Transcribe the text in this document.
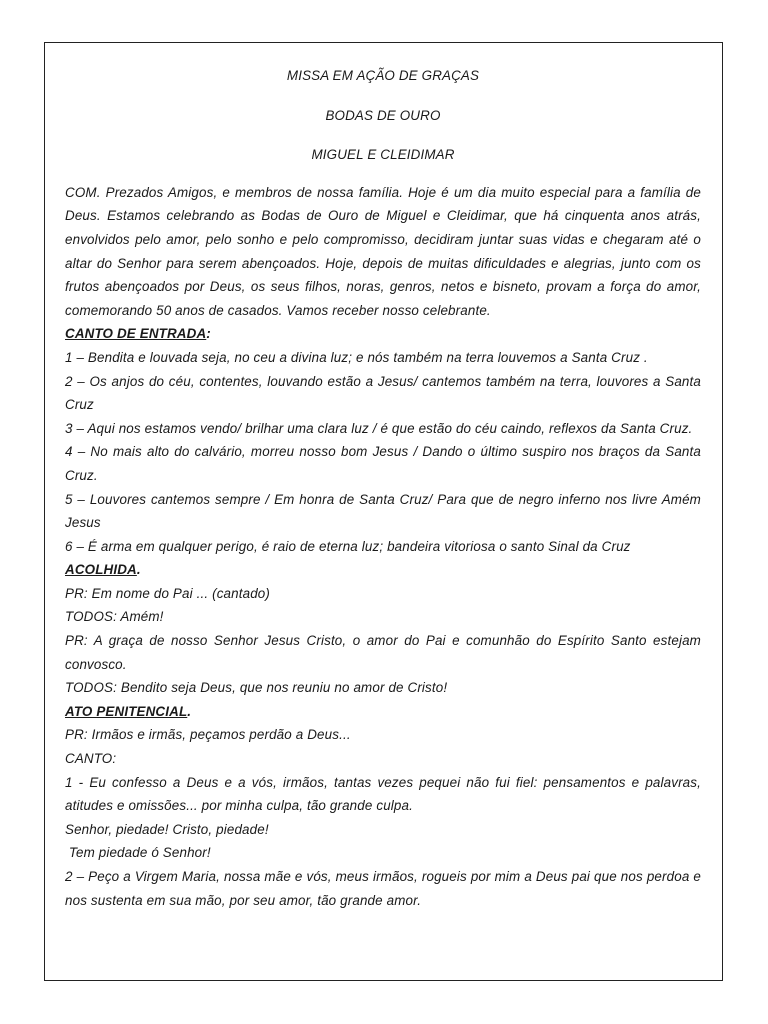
MISSA EM AÇÃO DE GRAÇAS

BODAS DE OURO

MIGUEL E CLEIDIMAR

COM. Prezados Amigos, e membros de nossa família. Hoje é um dia muito especial para a família de Deus. Estamos celebrando as Bodas de Ouro de Miguel e Cleidimar, que há cinquenta anos atrás, envolvidos pelo amor, pelo sonho e pelo compromisso, decidiram juntar suas vidas e chegaram até o altar do Senhor para serem abençoados. Hoje, depois de muitas dificuldades e alegrias, junto com os frutos abençoados por Deus, os seus filhos, noras, genros, netos e bisneto, provam a força do amor, comemorando 50 anos de casados. Vamos receber nosso celebrante.

CANTO DE ENTRADA:

1 – Bendita e louvada seja, no ceu a divina luz; e nós também na terra louvemos a Santa Cruz .

2 – Os anjos do céu, contentes, louvando estão a Jesus/ cantemos também na terra, louvores a Santa Cruz

3 – Aqui nos estamos vendo/ brilhar uma clara luz / é que estão do céu caindo, reflexos da Santa Cruz.

4 – No mais alto do calvário, morreu nosso bom Jesus / Dando o último suspiro nos braços da Santa Cruz.

5 – Louvores cantemos sempre / Em honra de Santa Cruz/ Para que de negro inferno nos livre Amém Jesus

6 – É arma em qualquer perigo, é raio de eterna luz; bandeira vitoriosa o santo Sinal da Cruz

ACOLHIDA.

PR: Em nome do Pai ... (cantado)

TODOS: Amém!

PR: A graça de nosso Senhor Jesus Cristo, o amor do Pai e comunhão do Espírito Santo estejam convosco.

TODOS: Bendito seja Deus, que nos reuniu no amor de Cristo!

ATO PENITENCIAL.

PR: Irmãos e irmãs, peçamos perdão a Deus...

CANTO:

1 - Eu confesso a Deus e a vós, irmãos, tantas vezes pequei não fui fiel: pensamentos e palavras, atitudes e omissões... por minha culpa, tão grande culpa.

Senhor, piedade! Cristo, piedade!

Tem piedade ó Senhor!

2 – Peço a Virgem Maria, nossa mãe e vós, meus irmãos, rogueis por mim a Deus pai que nos perdoa e nos sustenta em sua mão, por seu amor, tão grande amor.
